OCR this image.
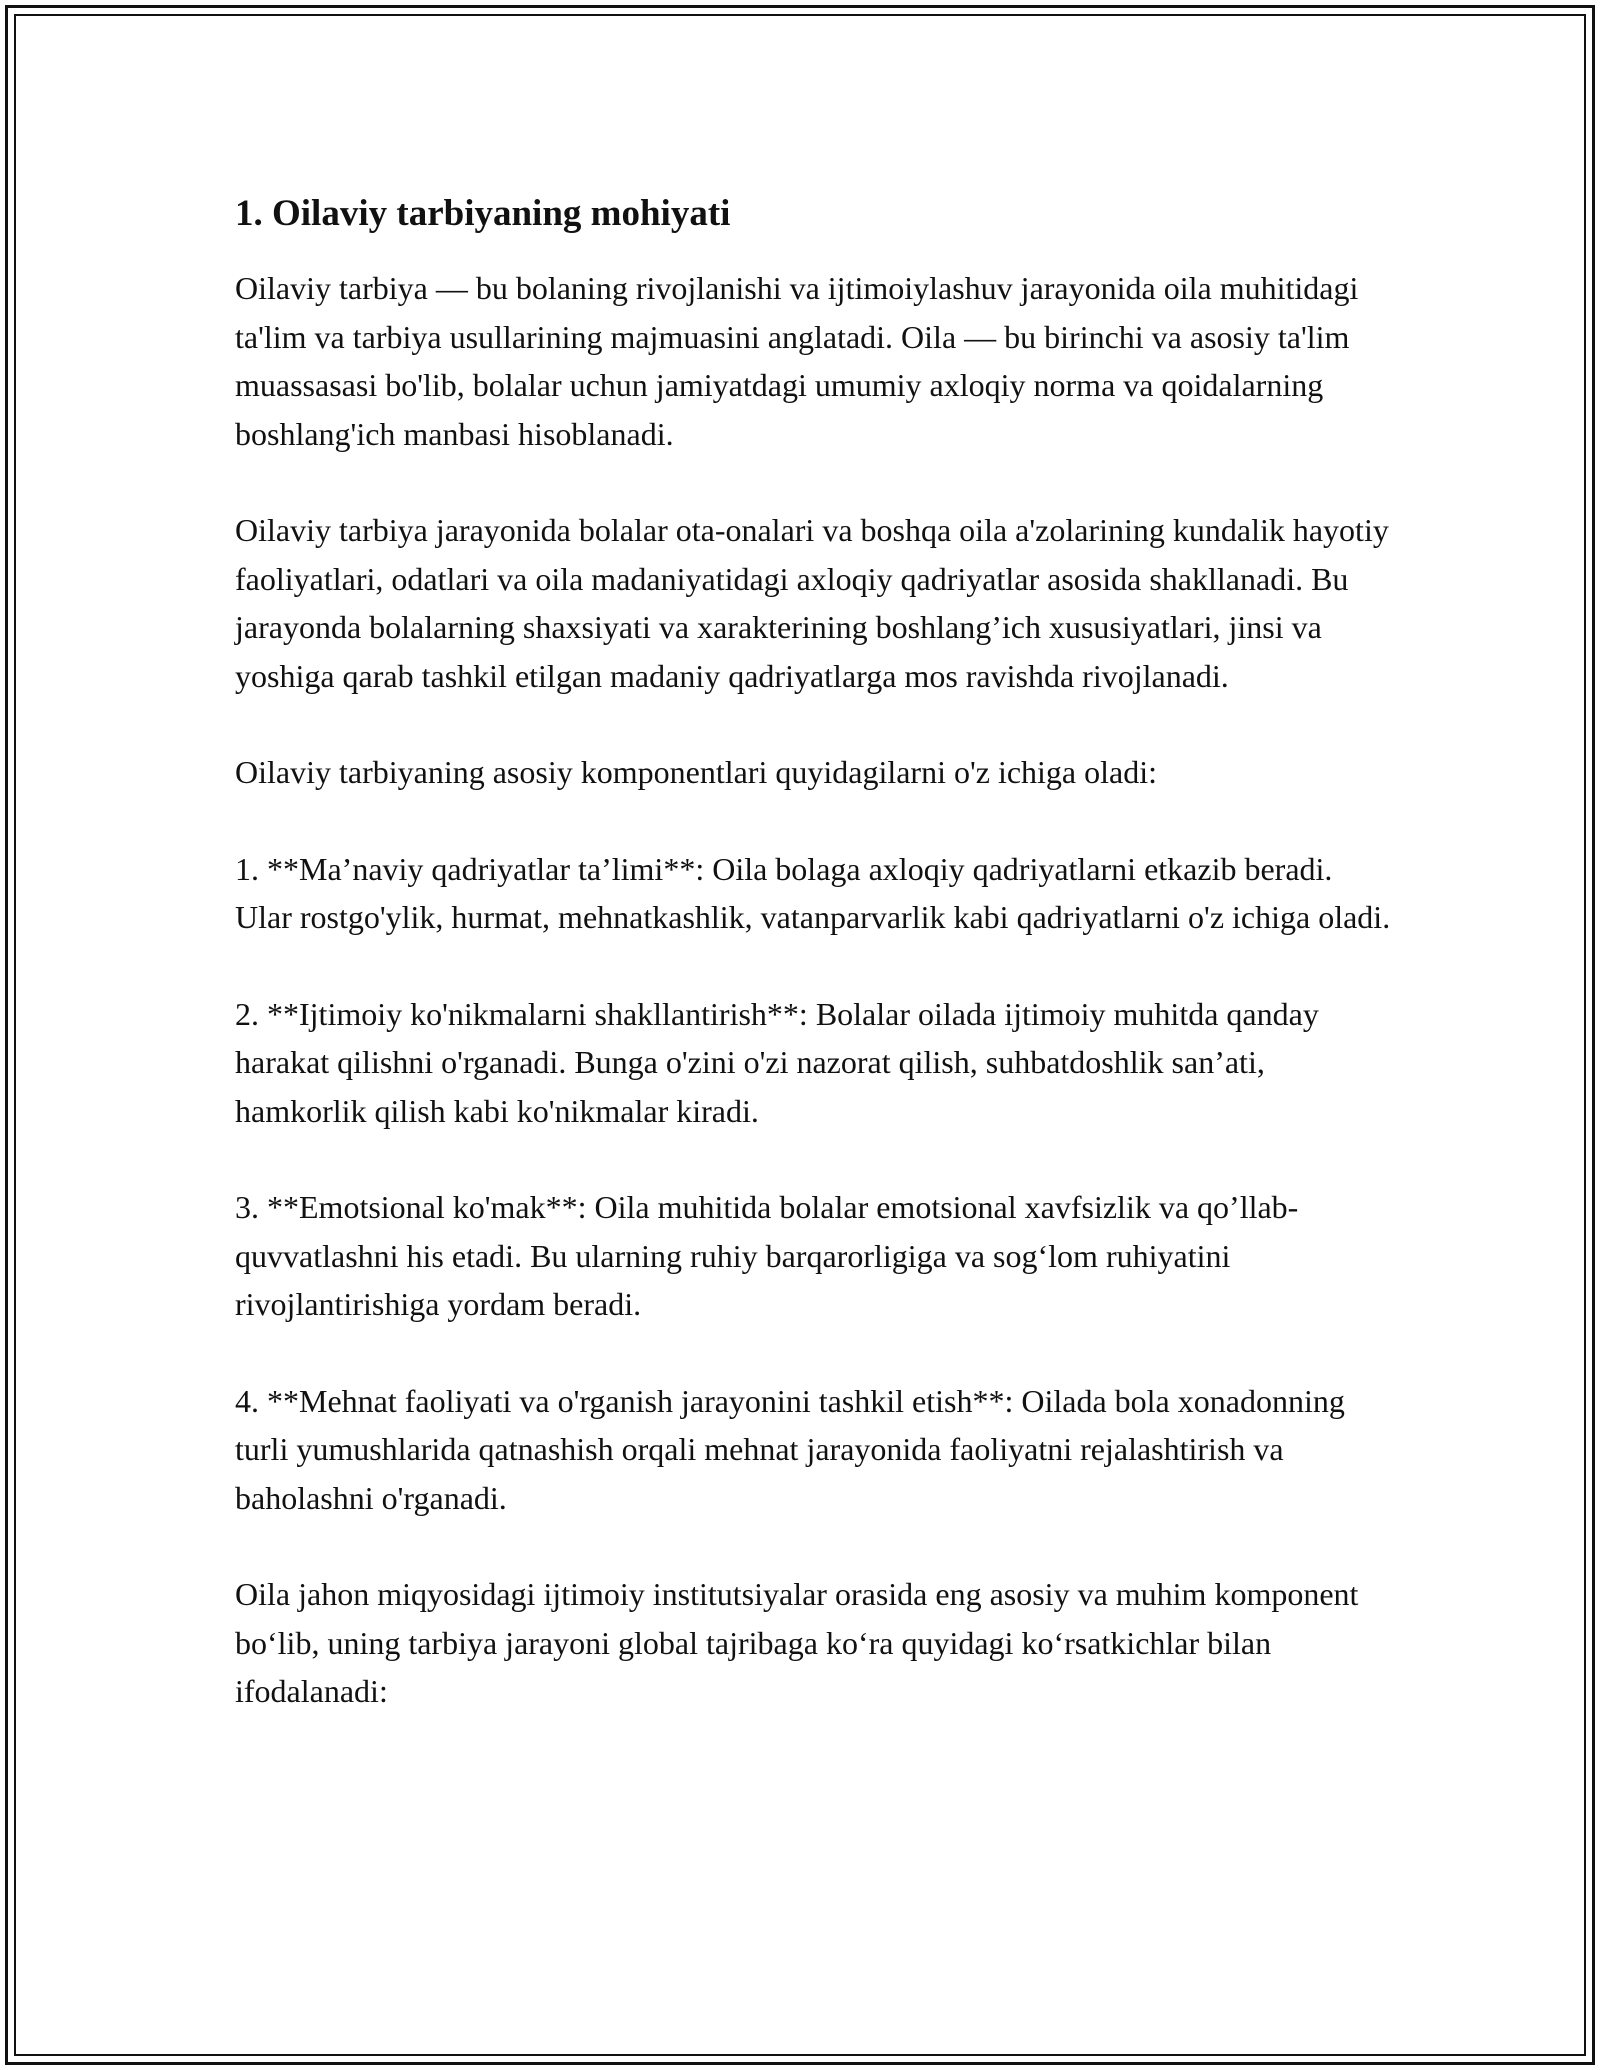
1. Oilaviy tarbiyaning mohiyati

Oilaviy tarbiya — bu bolaning rivojlanishi va ijtimoiylashuv jarayonida oila muhitidagi ta'lim va tarbiya usullarining majmuasini anglatadi. Oila — bu birinchi va asosiy ta'lim muassasasi bo'lib, bolalar uchun jamiyatdagi umumiy axloqiy norma va qoidalarning boshlang'ich manbasi hisoblanadi.

Oilaviy tarbiya jarayonida bolalar ota-onalari va boshqa oila a'zolarining kundalik hayotiy faoliyatlari, odatlari va oila madaniyatidagi axloqiy qadriyatlar asosida shakllanadi. Bu jarayonda bolalarning shaxsiyati va xarakterining boshlang’ich xususiyatlari, jinsi va yoshiga qarab tashkil etilgan madaniy qadriyatlarga mos ravishda rivojlanadi.

Oilaviy tarbiyaning asosiy komponentlari quyidagilarni o'z ichiga oladi:

1. **Ma’naviy qadriyatlar ta’limi**: Oila bolaga axloqiy qadriyatlarni etkazib beradi. Ular rostgo'ylik, hurmat, mehnatkashlik, vatanparvarlik kabi qadriyatlarni o'z ichiga oladi.

2. **Ijtimoiy ko'nikmalarni shakllantirish**: Bolalar oilada ijtimoiy muhitda qanday harakat qilishni o'rganadi. Bunga o'zini o'zi nazorat qilish, suhbatdoshlik san’ati, hamkorlik qilish kabi ko'nikmalar kiradi.

3. **Emotsional ko'mak**: Oila muhitida bolalar emotsional xavfsizlik va qo’llab-quvvatlashni his etadi. Bu ularning ruhiy barqarorligiga va sog‘lom ruhiyatini rivojlantirishiga yordam beradi.

4. **Mehnat faoliyati va o'rganish jarayonini tashkil etish**: Oilada bola xonadonning turli yumushlarida qatnashish orqali mehnat jarayonida faoliyatni rejalashtirish va baholashni o'rganadi.

Oila jahon miqyosidagi ijtimoiy institutsiyalar orasida eng asosiy va muhim komponent bo‘lib, uning tarbiya jarayoni global tajribaga ko‘ra quyidagi ko‘rsatkichlar bilan ifodalanadi:
